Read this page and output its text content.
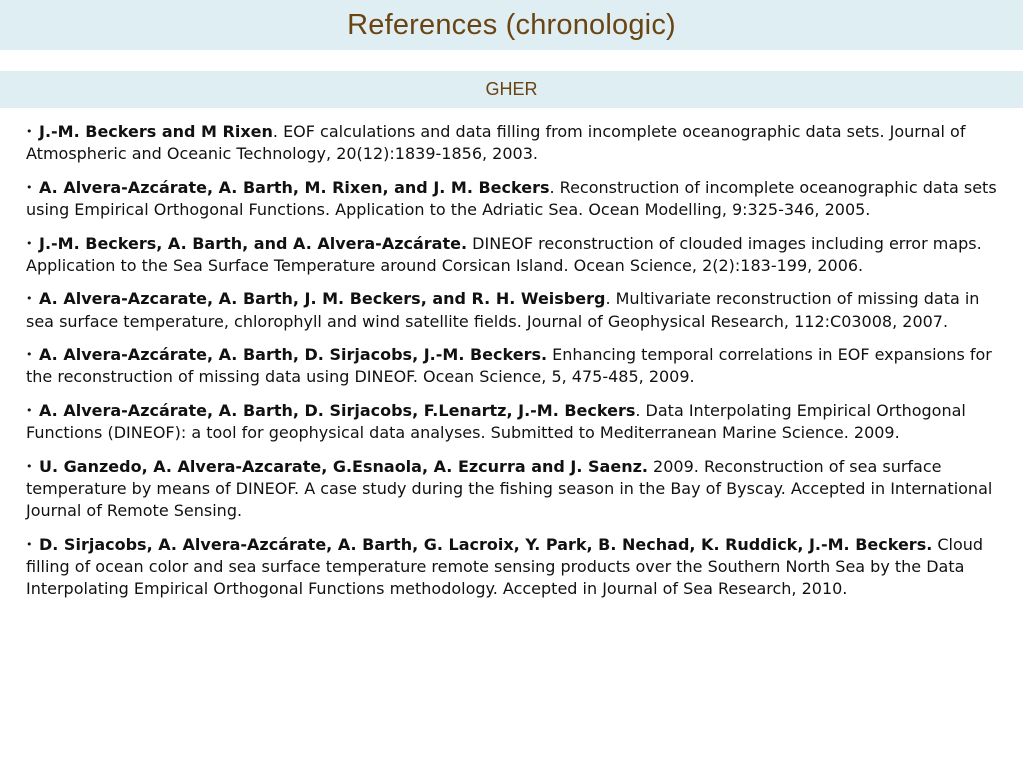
References (chronologic)
GHER
• J.-M. Beckers and M Rixen. EOF calculations and data filling from incomplete oceanographic data sets. Journal of Atmospheric and Oceanic Technology, 20(12):1839-1856, 2003.
• A. Alvera-Azcárate, A. Barth, M. Rixen, and J. M. Beckers. Reconstruction of incomplete oceanographic data sets using Empirical Orthogonal Functions. Application to the Adriatic Sea. Ocean Modelling, 9:325-346, 2005.
• J.-M. Beckers, A. Barth, and A. Alvera-Azcárate. DINEOF reconstruction of clouded images including error maps. Application to the Sea Surface Temperature around Corsican Island. Ocean Science, 2(2):183-199, 2006.
• A. Alvera-Azcarate, A. Barth, J. M. Beckers, and R. H. Weisberg. Multivariate reconstruction of missing data in sea surface temperature, chlorophyll and wind satellite fields. Journal of Geophysical Research, 112:C03008, 2007.
• A. Alvera-Azcárate, A. Barth, D. Sirjacobs, J.-M. Beckers. Enhancing temporal correlations in EOF expansions for the reconstruction of missing data using DINEOF. Ocean Science, 5, 475-485, 2009.
• A. Alvera-Azcárate, A. Barth, D. Sirjacobs, F.Lenartz, J.-M. Beckers. Data Interpolating Empirical Orthogonal Functions (DINEOF): a tool for geophysical data analyses. Submitted to Mediterranean Marine Science. 2009.
• U. Ganzedo, A. Alvera-Azcarate, G.Esnaola, A. Ezcurra and J. Saenz. 2009. Reconstruction of sea surface temperature by means of DINEOF. A case study during the fishing season in the Bay of Byscay. Accepted in International Journal of Remote Sensing.
• D. Sirjacobs, A. Alvera-Azcárate, A. Barth, G. Lacroix, Y. Park, B. Nechad, K. Ruddick, J.-M. Beckers. Cloud filling of ocean color and sea surface temperature remote sensing products over the Southern North Sea by the Data Interpolating Empirical Orthogonal Functions methodology. Accepted in Journal of Sea Research, 2010.
